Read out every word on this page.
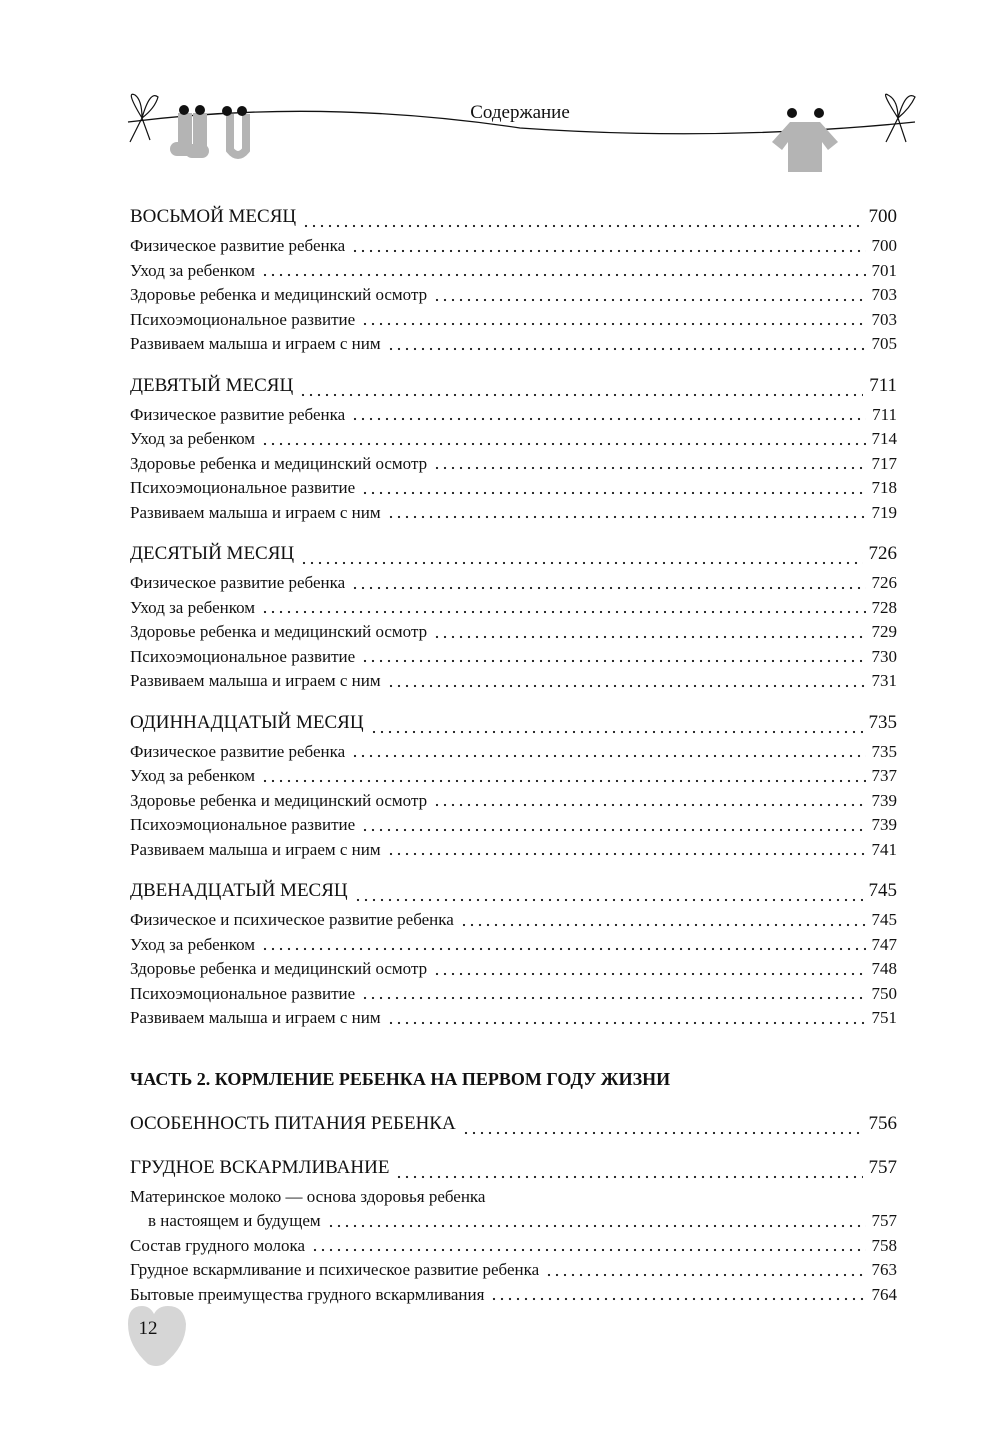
Содержание
ВОСЬМОЙ МЕСЯЦ	700
Физическое развитие ребенка	700
Уход за ребенком	701
Здоровье ребенка и медицинский осмотр	703
Психоэмоциональное развитие	703
Развиваем малыша и играем с ним	705
ДЕВЯТЫЙ МЕСЯЦ	711
Физическое развитие ребенка	711
Уход за ребенком	714
Здоровье ребенка и медицинский осмотр	717
Психоэмоциональное развитие	718
Развиваем малыша и играем с ним	719
ДЕСЯТЫЙ МЕСЯЦ	726
Физическое развитие ребенка	726
Уход за ребенком	728
Здоровье ребенка и медицинский осмотр	729
Психоэмоциональное развитие	730
Развиваем малыша и играем с ним	731
ОДИННАДЦАТЫЙ МЕСЯЦ	735
Физическое развитие ребенка	735
Уход за ребенком	737
Здоровье ребенка и медицинский осмотр	739
Психоэмоциональное развитие	739
Развиваем малыша и играем с ним	741
ДВЕНАДЦАТЫЙ МЕСЯЦ	745
Физическое и психическое развитие ребенка	745
Уход за ребенком	747
Здоровье ребенка и медицинский осмотр	748
Психоэмоциональное развитие	750
Развиваем малыша и играем с ним	751
ЧАСТЬ 2. КОРМЛЕНИЕ РЕБЕНКА НА ПЕРВОМ ГОДУ ЖИЗНИ
ОСОБЕННОСТЬ ПИТАНИЯ РЕБЕНКА	756
ГРУДНОЕ ВСКАРМЛИВАНИЕ	757
Материнское молоко — основа здоровья ребенка
в настоящем и будущем	757
Состав грудного молока	758
Грудное вскармливание и психическое развитие ребенка	763
Бытовые преимущества грудного вскармливания	764
12
